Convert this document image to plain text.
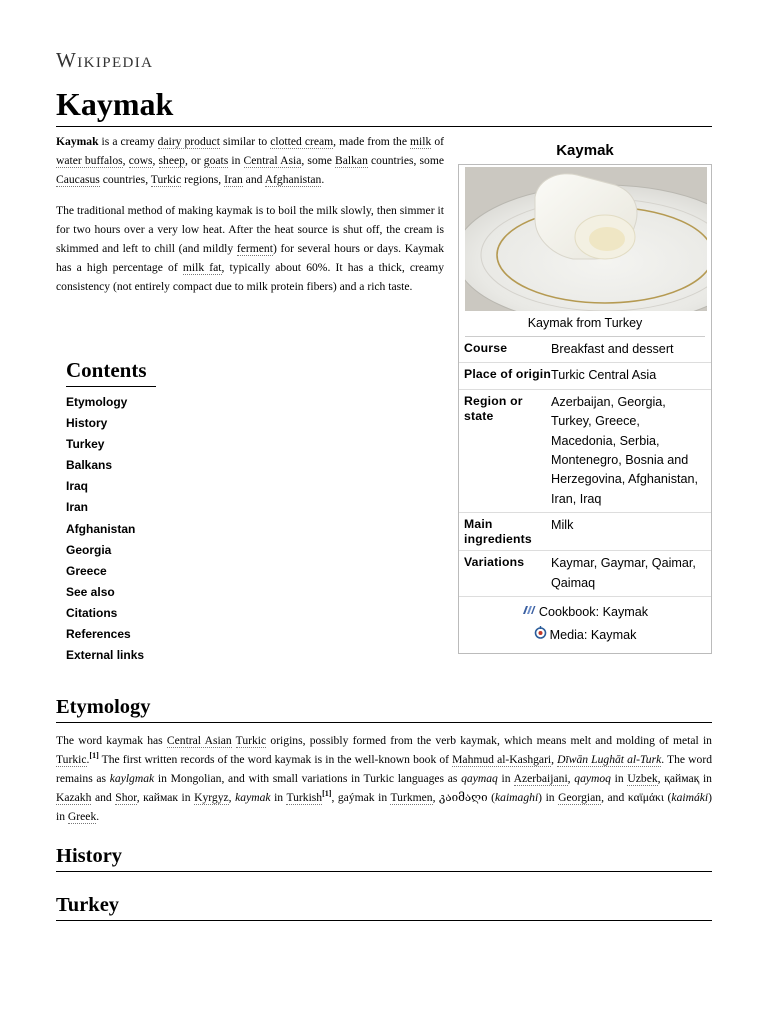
Wikipedia
Kaymak

Kaymak is a creamy dairy product similar to clotted cream, made from the milk of water buffalos, cows, sheep, or goats in Central Asia, some Balkan countries, some Caucasus countries, Turkic regions, Iran and Afghanistan.

The traditional method of making kaymak is to boil the milk slowly, then simmer it for two hours over a very low heat. After the heat source is shut off, the cream is skimmed and left to chill (and mildly ferment) for several hours or days. Kaymak has a high percentage of milk fat, typically about 60%. It has a thick, creamy consistency (not entirely compact due to milk protein fibers) and a rich taste.

Kaymak
Kaymak from Turkey
Course	Breakfast and dessert
Place of origin Turkic Central Asia
Region or state
Azerbaijan, Georgia, Turkey, Greece, Macedonia, Serbia, Montenegro, Bosnia and Herzegovina, Afghanistan, Iran, Iraq
Main ingredients
Milk
Variations	Kaymar, Gaymar, Qaimar, Qaimaq
Cookbook: Kaymak
Media: Kaymak
Contents
Etymology
History
Turkey
Balkans
Iraq
Iran
Afghanistan
Georgia
Greece
See also
Citations
References
External links
Etymology
The word kaymak has Central Asian Turkic origins, possibly formed from the verb kaymak, which means melt and molding of metal in Turkic.[1] The first written records of the word kaymak is in the well-known book of Mahmud al-Kashgari, Dīwān Lughāt al-Turk. The word remains as kaylgmak in Mongolian, and with small variations in Turkic languages as qaymaq in Azerbaijani, qaymoq in Uzbek, қаймақ in Kazakh and Shor, каймак in Kyrgyz, kaymak in Turkish[1], gaýmak in Turkmen, კაიმაღი (kaimaghi) in Georgian, and καϊμάκι (kaimáki) in Greek.
History
Turkey
